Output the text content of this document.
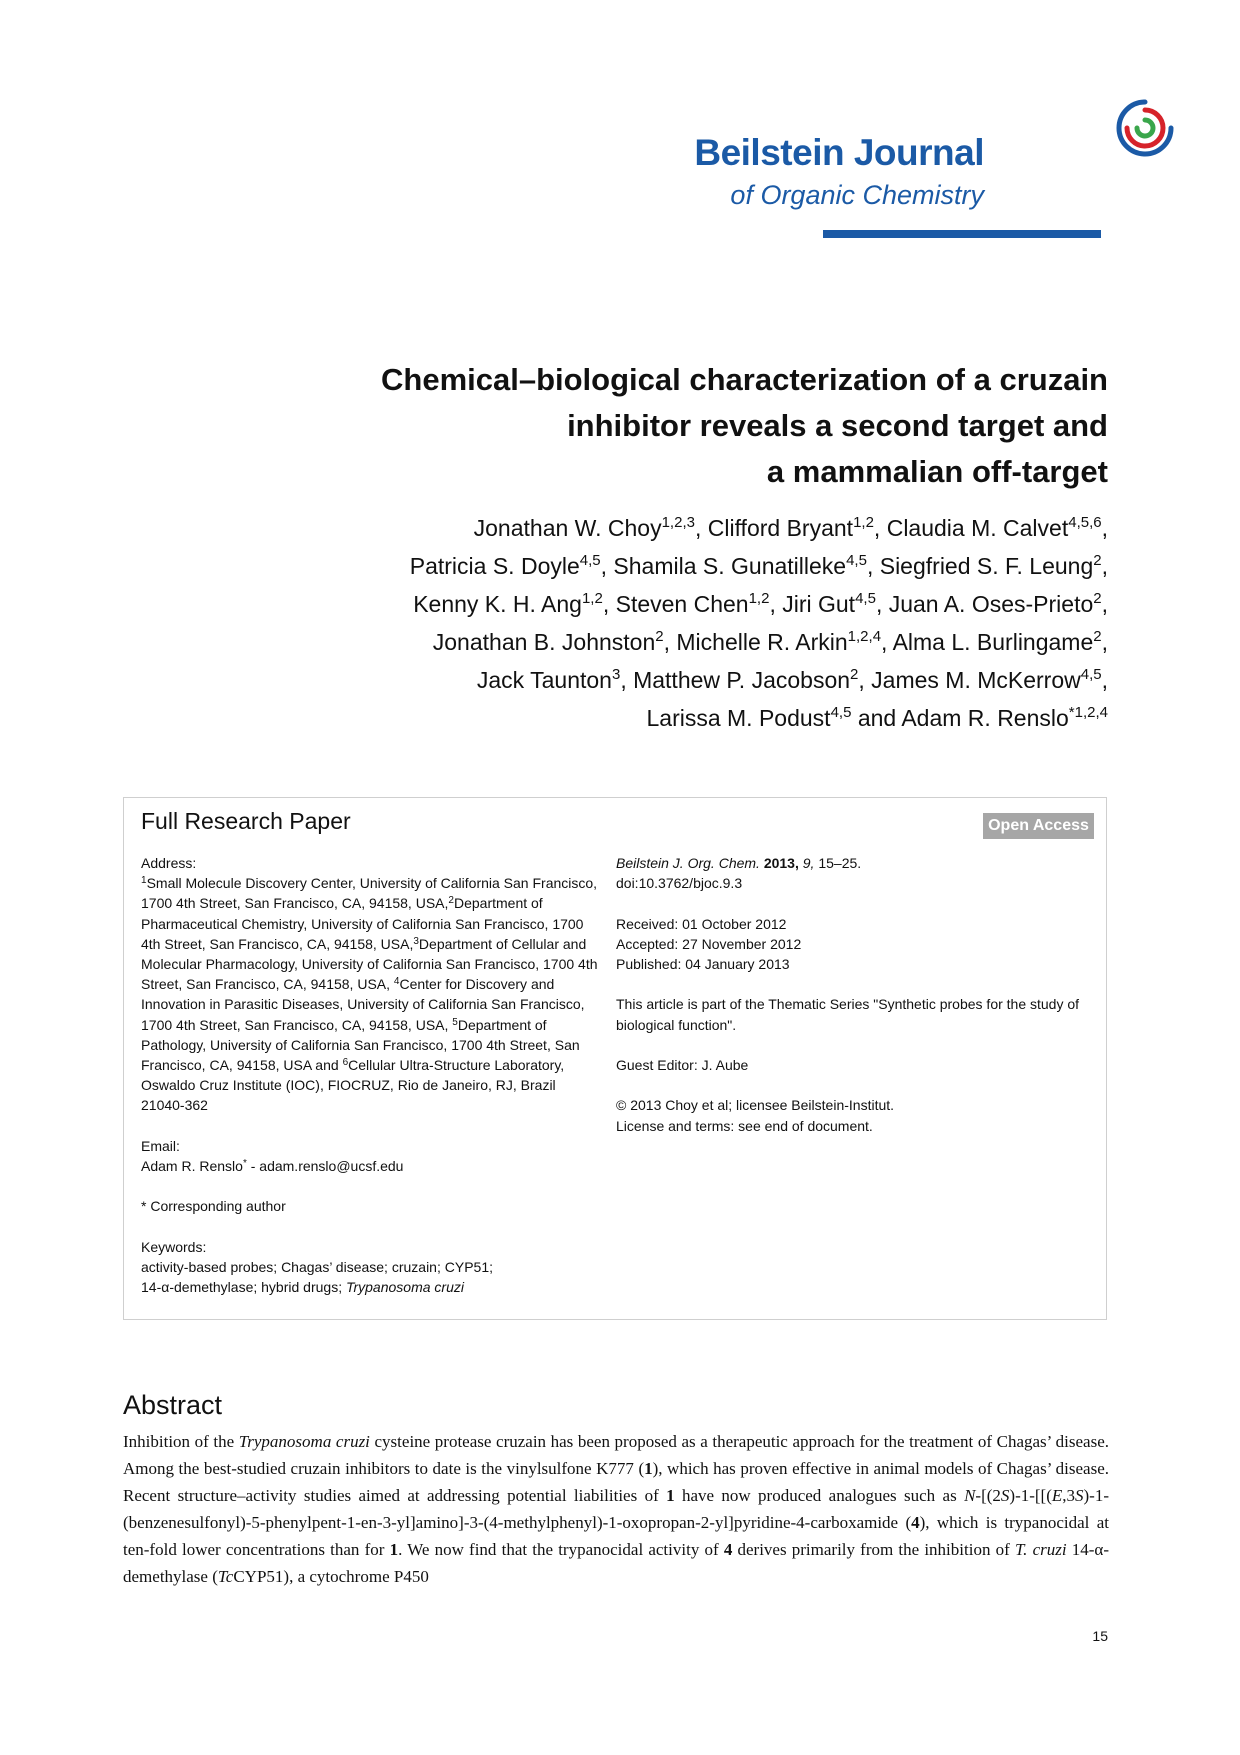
Beilstein Journal
of Organic Chemistry
Chemical–biological characterization of a cruzain
inhibitor reveals a second target and
a mammalian off-target
Jonathan W. Choy$^{1,2,3}$, Clifford Bryant$^{1,2}$, Claudia M. Calvet$^{4,5,6}$,
Patricia S. Doyle$^{4,5}$, Shamila S. Gunatilleke$^{4,5}$, Siegfried S. F. Leung$^2$,
Kenny K. H. Ang$^{1,2}$, Steven Chen$^{1,2}$, Jiri Gut$^{4,5}$, Juan A. Oses-Prieto$^2$,
Jonathan B. Johnston$^2$, Michelle R. Arkin$^{1,2,4}$, Alma L. Burlingame$^2$,
Jack Taunton$^3$, Matthew P. Jacobson$^2$, James M. McKerrow$^{4,5}$,
Larissa M. Podust$^{4,5}$ and Adam R. Renslo$^{*1,2,4}$
Full Research Paper	Open Access

Address:

$^1$Small Molecule Discovery Center, University of California San Francisco, 1700 4th Street, San Francisco, CA, 94158, USA,$^2$Department of Pharmaceutical Chemistry, University of California San Francisco, 1700 4th Street, San Francisco, CA, 94158, USA,$^3$Department of Cellular and Molecular Pharmacology, University of California San Francisco, 1700 4th Street, San Francisco, CA, 94158, USA, $^4$Center for Discovery and Innovation in Parasitic Diseases, University of California San Francisco, 1700 4th Street, San Francisco, CA, 94158, USA, $^5$Department of Pathology, University of California San Francisco, 1700 4th Street, San Francisco, CA, 94158, USA and $^6$Cellular Ultra-Structure Laboratory, Oswaldo Cruz Institute (IOC), FIOCRUZ, Rio de Janeiro, RJ, Brazil 21040-362

Email:

Adam R. Renslo* - adam.renslo@ucsf.edu

* Corresponding author

Keywords:

activity-based probes; Chagas’ disease; cruzain; CYP51;

14-α-demethylase; hybrid drugs; Trypanosoma cruzi

Beilstein J. Org. Chem. 2013, 9, 15–25.

doi:10.3762/bjoc.9.3

Received: 01 October 2012

Accepted: 27 November 2012

Published: 04 January 2013

This article is part of the Thematic Series "Synthetic probes for the study of biological function".

Guest Editor: J. Aube

© 2013 Choy et al; licensee Beilstein-Institut.

License and terms: see end of document.

Abstract
Inhibition of the Trypanosoma cruzi cysteine protease cruzain has been proposed as a therapeutic approach for the treatment of Chagas’ disease. Among the best-studied cruzain inhibitors to date is the vinylsulfone K777 (1), which has proven effective in animal models of Chagas’ disease. Recent structure–activity studies aimed at addressing potential liabilities of 1 have now produced analogues such as N-[(2S)-1-[[(E,3S)-1-(benzenesulfonyl)-5-phenylpent-1-en-3-yl]amino]-3-(4-methylphenyl)-1-oxopropan-2-yl]pyridine-4-carboxamide (4), which is trypanocidal at ten-fold lower concentrations than for 1. We now find that the trypanocidal activity of 4 derives primarily from the inhibition of T. cruzi 14-α-demethylase (TcCYP51), a cytochrome P450
15
